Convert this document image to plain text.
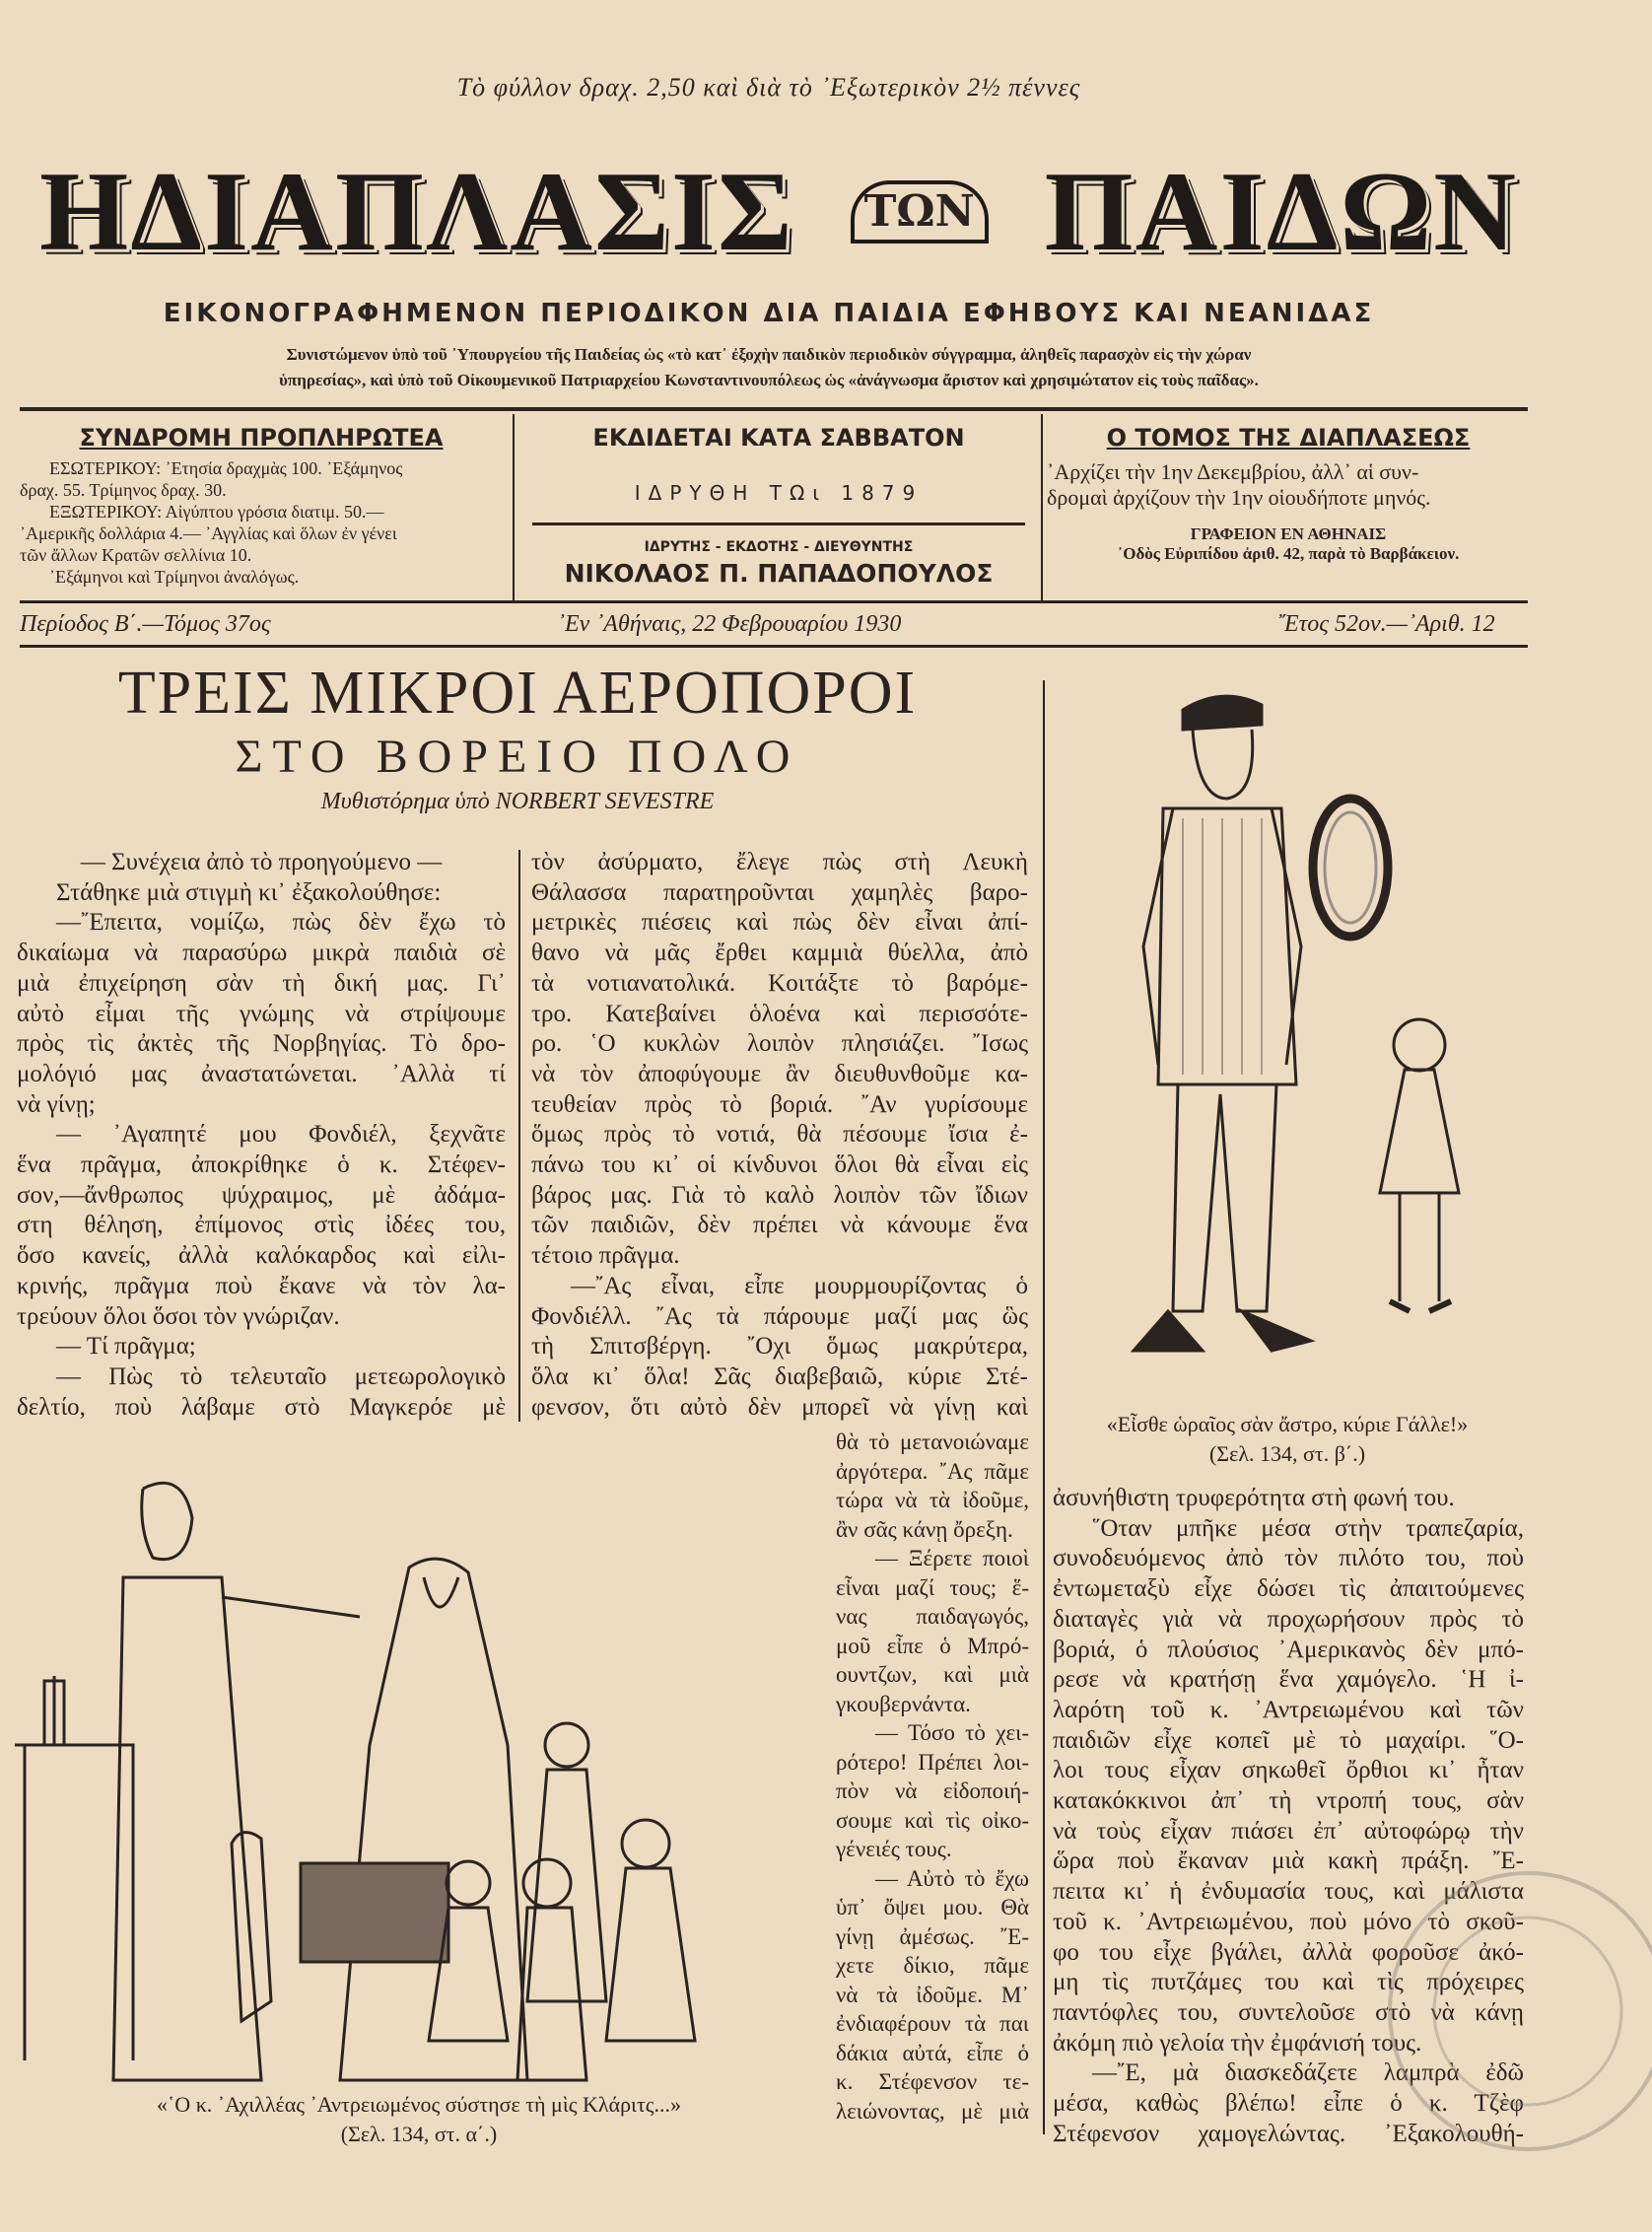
Τὸ φύλλον δραχ. 2,50 καὶ διὰ τὸ ᾽Εξωτερικὸν 2½ πέννες
ΗΔΙΑΠΛΑΣΙΣ	ΤΩΝ ΠΑΙΔΩΝ
ΕΙΚΟΝΟΓΡΑΦΗΜΕΝΟΝ ΠΕΡΙΟΔΙΚΟΝ ΔΙΑ ΠΑΙΔΙΑ ΕΦΗΒΟΥΣ ΚΑΙ ΝΕΑΝΙΔΑΣ
Συνιστώμενον ὑπὸ τοῦ ᾽Υπουργείου τῆς Παιδείας ὡς «τὸ κατ᾽ ἐξοχὴν παιδικὸν περιοδικὸν σύγγραμμα, ἀληθεῖς παρασχὸν εἰς τὴν χώραν
ὑπηρεσίας», καὶ ὑπὸ τοῦ Οἰκουμενικοῦ Πατριαρχείου Κωνσταντινουπόλεως ὡς «ἀνάγνωσμα ἄριστον καὶ χρησιμώτατον εἰς τοὺς παῖδας».
ΣΥΝΔΡΟΜΗ ΠΡΟΠΛΗΡΩΤΕΑ
ΕΣΩΤΕΡΙΚΟΥ: ᾽Ετησία δραχμὰς 100. ᾽Εξάμηνος
δραχ. 55. Τρίμηνος δραχ. 30.
ΕΞΩΤΕΡΙΚΟΥ: Αἰγύπτου γρόσια διατιμ. 50.—
᾽Αμερικῆς δολλάρια 4.— ᾽Αγγλίας καὶ ὅλων ἐν γένει
τῶν ἄλλων Κρατῶν σελλίνια 10.
᾽Εξάμηνοι καὶ Τρίμηνοι ἀναλόγως.
ΕΚΔΙΔΕΤΑΙ ΚΑΤΑ ΣΑΒΒΑΤΟΝ
ΙΔΡΥΘΗ ΤΩι 1879
ΙΔΡΥΤΗΣ - ΕΚΔΟΤΗΣ - ΔΙΕΥΘΥΝΤΗΣ
ΝΙΚΟΛΑΟΣ Π. ΠΑΠΑΔΟΠΟΥΛΟΣ
Ο ΤΟΜΟΣ ΤΗΣ ΔΙΑΠΛΑΣΕΩΣ
᾽Αρχίζει τὴν 1ην Δεκεμβρίου, ἀλλ᾽ αἱ συν-
δρομαὶ ἀρχίζουν τὴν 1ην οἱουδήποτε μηνός.
ΓΡΑΦΕΙΟΝ ΕΝ ΑΘΗΝΑΙΣ
᾽Οδὸς Εὐριπίδου ἀριθ. 42, παρὰ τὸ Βαρβάκειον.
Περίοδος Β΄.—Τόμος 37ος	᾽Εν ᾽Αθήναις, 22 Φεβρουαρίου 1930	῎Ετος 52ον.—᾽Αριθ. 12
ΤΡΕΙΣ ΜΙΚΡΟΙ ΑΕΡΟΠΟΡΟΙ
ΣΤΟ ΒΟΡΕΙΟ ΠΟΛΟ
Μυθιστόρημα ὑπὸ NORBERT SEVESTRE
— Συνέχεια ἀπὸ τὸ προηγούμενο —
Στάθηκε μιὰ στιγμὴ κι᾽ ἐξακολούθησε:
—῎Επειτα, νομίζω, πὼς δὲν ἔχω τὸ
δικαίωμα νὰ παρασύρω μικρὰ παιδιὰ σὲ
μιὰ ἐπιχείρηση σὰν τὴ δική μας. Γι᾽
αὐτὸ εἶμαι τῆς γνώμης νὰ στρίψουμε
πρὸς τὶς ἀκτὲς τῆς Νορβηγίας. Τὸ δρο-
μολόγιό μας ἀναστατώνεται. ᾽Αλλὰ τί
νὰ γίνῃ;
— ᾽Αγαπητέ μου Φονδιέλ, ξεχνᾶτε
ἕνα πρᾶγμα, ἀποκρίθηκε ὁ κ. Στέφεν-
σον,—ἄνθρωπος ψύχραιμος, μὲ ἀδάμα-
στη θέληση, ἐπίμονος στὶς ἰδέες του,
ὅσο κανείς, ἀλλὰ καλόκαρδος καὶ εἰλι-
κρινής, πρᾶγμα ποὺ ἔκανε νὰ τὸν λα-
τρεύουν ὅλοι ὅσοι τὸν γνώριζαν.
— Τί πρᾶγμα;
— Πὼς τὸ τελευταῖο μετεωρολογικὸ
δελτίο, ποὺ λάβαμε στὸ Μαγκερόε μὲ
τὸν ἀσύρματο, ἔλεγε πὼς στὴ Λευκὴ
Θάλασσα παρατηροῦνται χαμηλὲς βαρο-
μετρικὲς πιέσεις καὶ πὼς δὲν εἶναι ἀπί-
θανο νὰ μᾶς ἔρθει καμμιὰ θύελλα, ἀπὸ
τὰ νοτιανατολικά. Κοιτάξτε τὸ βαρόμε-
τρο. Κατεβαίνει ὁλοένα καὶ περισσότε-
ρο. ῾Ο κυκλὼν λοιπὸν πλησιάζει. ῎Ισως
νὰ τὸν ἀποφύγουμε ἂν διευθυνθοῦμε κα-
τευθείαν πρὸς τὸ βοριά. ῎Αν γυρίσουμε
ὅμως πρὸς τὸ νοτιά, θὰ πέσουμε ἴσια ἐ-
πάνω του κι᾽ οἱ κίνδυνοι ὅλοι θὰ εἶναι εἰς
βάρος μας. Γιὰ τὸ καλὸ λοιπὸν τῶν ἴδιων
τῶν παιδιῶν, δὲν πρέπει νὰ κάνουμε ἕνα
τέτοιο πρᾶγμα.
—῎Ας εἶναι, εἶπε μουρμουρίζοντας ὁ
Φονδιέλλ. ῎Ας τὰ πάρουμε μαζί μας ὣς
τὴ Σπιτσβέργη. ῎Οχι ὅμως μακρύτερα,
ὅλα κι᾽ ὅλα! Σᾶς διαβεβαιῶ, κύριε Στέ-
φενσον, ὅτι αὐτὸ δὲν μπορεῖ νὰ γίνῃ καὶ
θὰ τὸ μετανοιώναμε
ἀργότερα. ῎Ας πᾶμε
τώρα νὰ τὰ ἰδοῦμε,
ἂν σᾶς κάνῃ ὄρεξη.
— Ξέρετε ποιοὶ
εἶναι μαζί τους; ἕ-
νας παιδαγωγός,
μοῦ εἶπε ὁ Μπρό-
ουντζων, καὶ μιὰ
γκουβερνάντα.
— Τόσο τὸ χει-
ρότερο! Πρέπει λοι-
πὸν νὰ εἰδοποιή-
σουμε καὶ τὶς οἰκο-
γένειές τους.
— Αὐτὸ τὸ ἔχω
ὑπ᾽ ὄψει μου. Θὰ
γίνῃ ἀμέσως. ῎Ε-
χετε δίκιο, πᾶμε
νὰ τὰ ἰδοῦμε. Μ᾽
ἐνδιαφέρουν τὰ παι
δάκια αὐτά, εἶπε ὁ
κ. Στέφενσον τε-
λειώνοντας, μὲ μιὰ
ἀσυνήθιστη τρυφερότητα στὴ φωνή του.
῞Οταν μπῆκε μέσα στὴν τραπεζαρία,
συνοδευόμενος ἀπὸ τὸν πιλότο του, ποὺ
ἐντωμεταξὺ εἶχε δώσει τὶς ἀπαιτούμενες
διαταγὲς γιὰ νὰ προχωρήσουν πρὸς τὸ
βοριά, ὁ πλούσιος ᾽Αμερικανὸς δὲν μπό-
ρεσε νὰ κρατήσῃ ἕνα χαμόγελο. ῾Η ἰ-
λαρότη τοῦ κ. ᾽Αντρειωμένου καὶ τῶν
παιδιῶν εἶχε κοπεῖ μὲ τὸ μαχαίρι. ῞Ο-
λοι τους εἶχαν σηκωθεῖ ὄρθιοι κι᾽ ἦταν
κατακόκκινοι ἀπ᾽ τὴ ντροπή τους, σὰν
νὰ τοὺς εἶχαν πιάσει ἐπ᾽ αὐτοφώρῳ τὴν
ὥρα ποὺ ἔκαναν μιὰ κακὴ πράξη. ῎Ε-
πειτα κι᾽ ἡ ἐνδυμασία τους, καὶ μάλιστα
τοῦ κ. ᾽Αντρειωμένου, ποὺ μόνο τὸ σκοῦ-
φο του εἶχε βγάλει, ἀλλὰ φοροῦσε ἀκό-
μη τὶς πυτζάμες του καὶ τὶς πρόχειρες
παντόφλες του, συντελοῦσε στὸ νὰ κάνῃ
ἀκόμη πιὸ γελοία τὴν ἐμφάνισή τους.
—῎Ε, μὰ διασκεδάζετε λαμπρὰ ἐδῶ
μέσα, καθὼς βλέπω! εἶπε ὁ κ. Τζὲφ
Στέφενσον χαμογελώντας. ᾽Εξακολουθή-
«Εἶσθε ὡραῖος σὰν ἄστρο, κύριε Γάλλε!»
(Σελ. 134, στ. β΄.)
«῾Ο κ. ᾽Αχιλλέας ᾽Αντρειωμένος σύστησε τὴ μὶς Κλάριτς...»
(Σελ. 134, στ. α΄.)
